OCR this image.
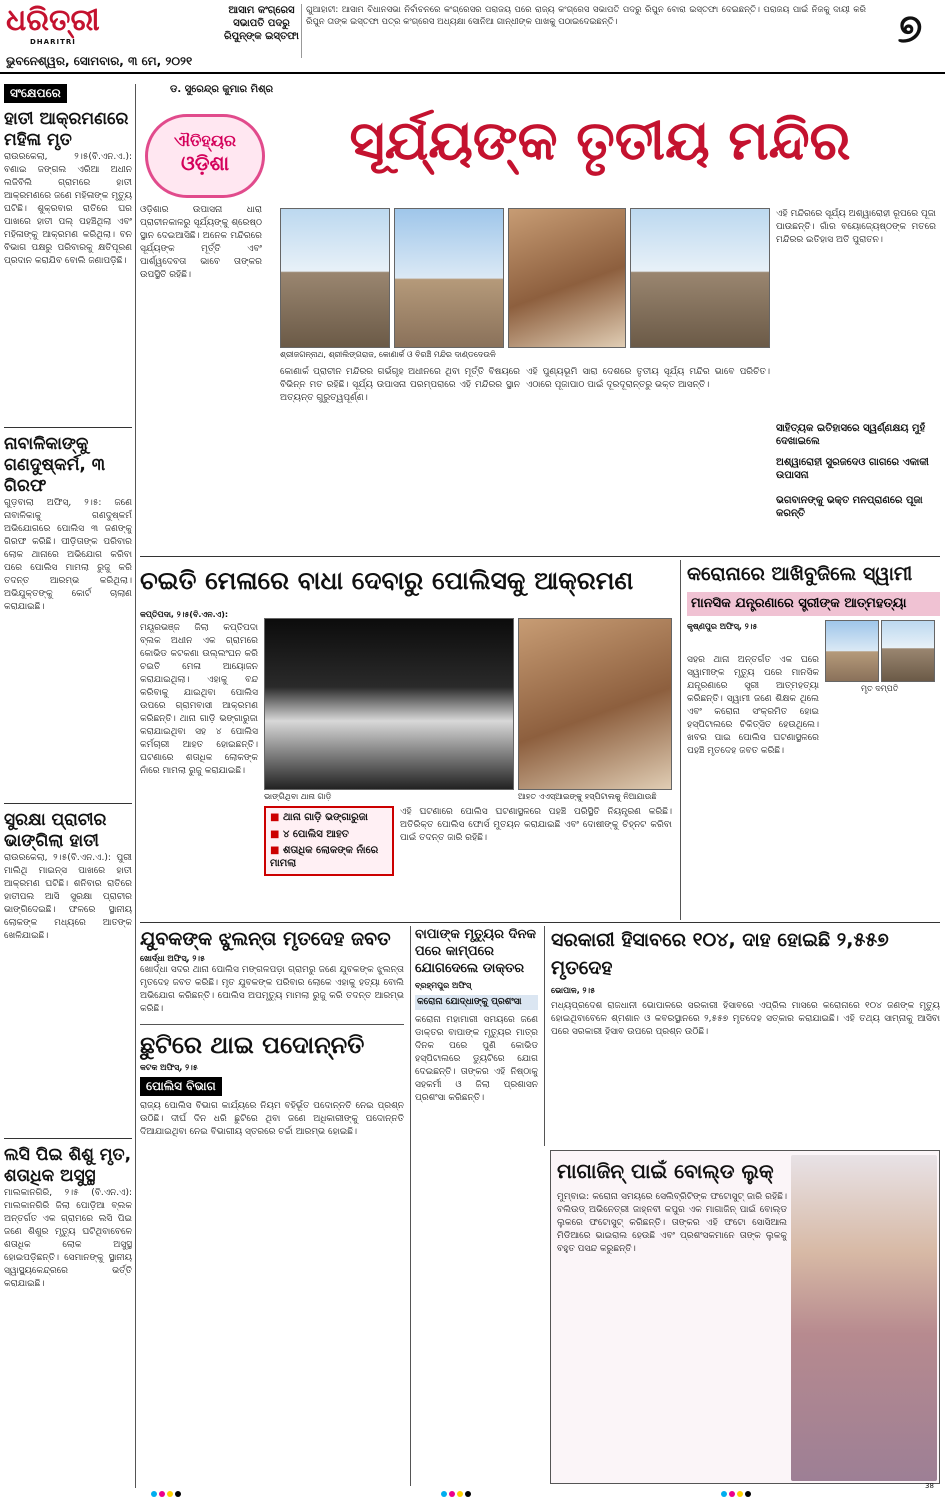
ଧରିତ୍ରୀ
DHARITRI
ଭୁବନେଶ୍ୱର, ସୋମବାର, ୩ ମେ, ୨୦୨୧
ଆସାମ କଂଗ୍ରେସ ସଭାପତି ପଦରୁ ରିପୁନ୍ଙ୍କ ଇସ୍ତଫା
ଗୁଆହାଟୀ: ଆସାମ ବିଧାନସଭା ନିର୍ବାଚନରେ କଂଗ୍ରେସର ପରାଜୟ ପରେ ରାଜ୍ୟ କଂଗ୍ରେସ ସଭାପତି ପଦରୁ ରିପୁନ ବୋରା ଇସ୍ତଫା ଦେଇଛନ୍ତି। ପରାଜୟ ପାଇଁ ନିଜକୁ ଦାୟୀ କରି ରିପୁନ ତାଙ୍କ ଇସ୍ତଫା ପତ୍ର କଂଗ୍ରେସ ଅଧ୍ୟକ୍ଷା ସୋନିଆ ଗାନ୍ଧୀଙ୍କ ପାଖକୁ ପଠାଇଦେଇଛନ୍ତି।	୭
ସଂକ୍ଷେପରେ
ହାତୀ ଆକ୍ରମଣରେ ମହିଳା ମୃତ
ରାଉରକେଲା, ୨।୫(ବି.ଏନ.ଏ.): ବଣାଇ ଜଙ୍ଗଲ ଏରିଆ ଅଧୀନ ଲଜିବିଲି ଗ୍ରାମରେ ହାତୀ ଆକ୍ରମଣରେ ଜଣେ ମହିଳାଙ୍କ ମୃତ୍ୟୁ ଘଟିଛି। ଶୁକ୍ରବାର ରାତିରେ ଘର ପାଖରେ ହାତୀ ପଲ୍ ପହଞ୍ଚିଥିଲା ଏବଂ ମହିଳାଙ୍କୁ ଆକ୍ରମଣ କରିଥିଲା। ବନ ବିଭାଗ ପକ୍ଷରୁ ପରିବାରକୁ କ୍ଷତିପୂରଣ ପ୍ରଦାନ କରାଯିବ ବୋଲି ଜଣାପଡ଼ିଛି।
ନାବାଳିକାଙ୍କୁ ଗଣଦୁଷ୍କର୍ମ, ୩ ଗିରଫ
ଗୁଡ଼ବାଲା ଅଫିସ୍, ୨।୫: ଜଣେ ନାବାଳିକାକୁ ଗଣଦୁଷ୍କର୍ମ ଅଭିଯୋଗରେ ପୋଲିସ ୩ ଜଣଙ୍କୁ ଗିରଫ କରିଛି। ପୀଡ଼ିତାଙ୍କ ପରିବାର ଲୋକ ଥାନାରେ ଅଭିଯୋଗ କରିବା ପରେ ପୋଲିସ ମାମଲା ରୁଜୁ କରି ତଦନ୍ତ ଆରମ୍ଭ କରିଥିଲା। ଅଭିଯୁକ୍ତଙ୍କୁ କୋର୍ଟ ଚାଲାଣ କରାଯାଇଛି।
ସୁରକ୍ଷା ପ୍ରାଚୀର ଭାଙ୍ଗିଲା ହାତୀ
ରାଉରକେଲା, ୨।୫(ବି.ଏନ.ଏ.): ପୁରୀ ମାଲିଥି ମାଇନ୍ସ ପାଖରେ ହାତୀ ଆକ୍ରମଣ ଘଟିଛି। ଶନିବାର ରାତିରେ ହାତୀପଲ ଆସି ସୁରକ୍ଷା ପ୍ରାଚୀର ଭାଙ୍ଗିଦେଇଛି। ଫଳରେ ସ୍ଥାନୀୟ ଲୋକଙ୍କ ମଧ୍ୟରେ ଆତଙ୍କ ଖେଳିଯାଇଛି।
ଲସି ପିଇ ଶିଶୁ ମୃତ, ଶତାଧିକ ଅସୁସ୍ଥ
ମାଲକାନଗିରି, ୨।୫ (ବି.ଏନ.ଏ): ମାଲକାନଗିରି ଜିଲା ପୋଡ଼ିଆ ବ୍ଲକ ଅନ୍ତର୍ଗତ ଏକ ଗ୍ରାମରେ ଲସି ପିଇ ଜଣେ ଶିଶୁର ମୃତ୍ୟୁ ଘଟିଥିବାବେଳେ ଶତାଧିକ ଲୋକ ଅସୁସ୍ଥ ହୋଇପଡ଼ିଛନ୍ତି। ସେମାନଙ୍କୁ ସ୍ଥାନୀୟ ସ୍ୱାସ୍ଥ୍ୟକେନ୍ଦ୍ରରେ ଭର୍ତ୍ତି କରାଯାଇଛି।
ଡ. ସୁରେନ୍ଦ୍ର କୁମାର ମିଶ୍ର
ଐତିହ୍ୟର
ଓଡ଼ିଶା
ଓଡ଼ିଶାର ଉପାସନା ଧାରା ପ୍ରାଚୀନକାଳରୁ ସୂର୍ଯ୍ୟଙ୍କୁ ଶ୍ରେଷ୍ଠ ସ୍ଥାନ ଦେଇଆସିଛି। ଅନେକ ମନ୍ଦିରରେ ସୂର୍ଯ୍ୟଙ୍କ ମୂର୍ତ୍ତି ଏବଂ ପାର୍ଶ୍ୱଦେବତା ଭାବେ ତାଙ୍କର ଉପସ୍ଥିତି ରହିଛି।
ସୂର୍ଯ୍ୟଙ୍କ ତୃତୀୟ ମନ୍ଦିର
ଶ୍ରୀଜଗନ୍ନାଥ, ଶ୍ରୀଲିଙ୍ଗରାଜ, କୋଣାର୍କ ଓ ବିରଞ୍ଚି ମନ୍ଦିର ଦାଣ୍ଡଦେଉଳି
କୋଣାର୍କ ପ୍ରାଚୀନ ମନ୍ଦିରର ଗର୍ଭଗୃହ ଅଧୀନରେ ଥିବା ମୂର୍ତ୍ତି ବିଷୟରେ ବିଭିନ୍ନ ମତ ରହିଛି। ସୂର୍ଯ୍ୟ ଉପାସନା ପରମ୍ପରାରେ ଏହି ମନ୍ଦିରର ସ୍ଥାନ ଅତ୍ୟନ୍ତ ଗୁରୁତ୍ୱପୂର୍ଣ୍ଣ।
ଏହି ପୁଣ୍ୟଭୂମି ସାରା ଦେଶରେ ତୃତୀୟ ସୂର୍ଯ୍ୟ ମନ୍ଦିର ଭାବେ ପରିଚିତ। ଏଠାରେ ପୂଜାପାଠ ପାଇଁ ଦୂରଦୂରାନ୍ତରୁ ଭକ୍ତ ଆସନ୍ତି।
ଏହି ମନ୍ଦିରରେ ସୂର୍ଯ୍ୟ ଅଶ୍ୱାରୋହୀ ରୂପରେ ପୂଜା ପାଉଛନ୍ତି। ଗାଁର ବୟୋଜ୍ୟେଷ୍ଠଙ୍କ ମତରେ ମନ୍ଦିରର ଇତିହାସ ଅତି ପୁରାତନ।
ସାହିତ୍ୟକ ଇତିହାସରେ ସ୍ୱର୍ଣ୍ଣକ୍ଷୟ ମୁହଁ ଦେଖାଇଲେ
ଅଶ୍ୱାରୋହୀ ସୁରଜଦେଓ ଗାଗରେ ଏକାକୀ ଉପାସନା
ଭଗବାନଙ୍କୁ ଭକ୍ତ ମନପ୍ରାଣରେ ପୂଜା କରନ୍ତି
ଚଇତି ମେଳାରେ ବାଧା ଦେବାରୁ ପୋଲିସକୁ ଆକ୍ରମଣ
କପ୍ତିପଦା, ୨।୫(ବି.ଏନ.ଏ):
ମୟୂରଭଞ୍ଜ ଜିଲା କପ୍ତିପଦା ବ୍ଲକ ଅଧୀନ ଏକ ଗ୍ରାମରେ କୋଭିଡ କଟକଣା ଉଲ୍ଲଂଘନ କରି ଚଇତି ମେଳା ଆୟୋଜନ କରାଯାଇଥିଲା। ଏହାକୁ ବନ୍ଦ କରିବାକୁ ଯାଇଥିବା ପୋଲିସ ଉପରେ ଗ୍ରାମବାସୀ ଆକ୍ରମଣ କରିଛନ୍ତି। ଥାନା ଗାଡ଼ି ଭଙ୍ଗାରୁଜା କରାଯାଇଥିବା ସହ ୪ ପୋଲିସ କର୍ମଚାରୀ ଆହତ ହୋଇଛନ୍ତି। ଘଟଣାରେ ଶତାଧିକ ଲୋକଙ୍କ ନାଁରେ ମାମଲା ରୁଜୁ କରାଯାଇଛି।
ଭାଙ୍ଗିଥିବା ଥାନା ଗାଡ଼ି	ଆହତ ଏଏସ୍ଆଇଙ୍କୁ ହସ୍ପିଟାଲକୁ ନିଆଯାଉଛି
■ ଥାନା ଗାଡ଼ି ଭଙ୍ଗାରୁଜା
■ ୪ ପୋଲିସ ଆହତ
■ ଶତାଧିକ ଲୋକଙ୍କ ନାଁରେ ମାମଲା
ଏହି ଘଟଣାରେ ପୋଲିସ ଘଟଣାସ୍ଥଳରେ ପହଞ୍ଚି ପରିସ୍ଥିତି ନିୟନ୍ତ୍ରଣ କରିଛି। ଅତିରିକ୍ତ ପୋଲିସ ଫୋର୍ସ ମୁତୟନ କରାଯାଇଛି ଏବଂ ଦୋଷୀଙ୍କୁ ଚିହ୍ନଟ କରିବା ପାଇଁ ତଦନ୍ତ ଜାରି ରହିଛି।
କରୋନାରେ ଆଖିବୁଜିଲେ ସ୍ୱାମୀ
ମାନସିକ ଯନ୍ତ୍ରଣାରେ ସ୍ତ୍ରୀଙ୍କ ଆତ୍ମହତ୍ୟା
କୃଷ୍ଣପୁର ଅଫିସ୍, ୨।୫
ସହର ଥାନା ଅନ୍ତର୍ଗତ ଏକ ଘରେ ସ୍ୱାମୀଙ୍କ ମୃତ୍ୟୁ ପରେ ମାନସିକ ଯନ୍ତ୍ରଣାରେ ସ୍ତ୍ରୀ ଆତ୍ମହତ୍ୟା କରିଛନ୍ତି। ସ୍ୱାମୀ ଜଣେ ଶିକ୍ଷକ ଥିଲେ ଏବଂ କରୋନା ସଂକ୍ରମିତ ହୋଇ ହସ୍ପିଟାଲରେ ଚିକିତ୍ସିତ ହେଉଥିଲେ। ଖବର ପାଇ ପୋଲିସ ଘଟଣାସ୍ଥଳରେ ପହଞ୍ଚି ମୃତଦେହ ଜବତ କରିଛି।
ମୃତ ଦମ୍ପତି
ଯୁବକଙ୍କ ଝୁଲନ୍ତା ମୃତଦେହ ଜବତ
ଖୋର୍ଦ୍ଧା ଅଫିସ୍, ୨।୫
ଖୋର୍ଦ୍ଧା ସଦର ଥାନା ପୋଲିସ ମଙ୍ଗଳପଡ଼ା ଗ୍ରାମରୁ ଜଣେ ଯୁବକଙ୍କ ଝୁଲନ୍ତା ମୃତଦେହ ଜବତ କରିଛି। ମୃତ ଯୁବକଙ୍କ ପରିବାର ଲୋକେ ଏହାକୁ ହତ୍ୟା ବୋଲି ଅଭିଯୋଗ କରିଛନ୍ତି। ପୋଲିସ ଅପମୃତ୍ୟୁ ମାମଲା ରୁଜୁ କରି ତଦନ୍ତ ଆରମ୍ଭ କରିଛି।
ବାପାଙ୍କ ମୃତ୍ୟୁର ଦିନକ ପରେ କାମ୍ପରେ ଯୋଗଦେଲେ ଡାକ୍ତର
ବ୍ରହ୍ମପୁର ଅଫିସ୍
କରୋନା ଯୋଦ୍ଧାଙ୍କୁ ପ୍ରଶଂସା
କରୋନା ମହାମାରୀ ସମୟରେ ଜଣେ ଡାକ୍ତର ବାପାଙ୍କ ମୃତ୍ୟୁର ମାତ୍ର ଦିନକ ପରେ ପୁଣି କୋଭିଡ ହସ୍ପିଟାଲରେ ଡ୍ୟୁଟିରେ ଯୋଗ ଦେଇଛନ୍ତି। ତାଙ୍କର ଏହି ନିଷ୍ଠାକୁ ସହକର୍ମୀ ଓ ଜିଲା ପ୍ରଶାସନ ପ୍ରଶଂସା କରିଛନ୍ତି।
ଛୁଟିରେ ଥାଇ ପଦୋନ୍ନତି
କଟକ ଅଫିସ୍, ୨।୫
ପୋଲିସ ବିଭାଗ
ରାଜ୍ୟ ପୋଲିସ ବିଭାଗ କାର୍ଯ୍ୟରେ ନିୟମ ବହିର୍ଭୂତ ପଦୋନ୍ନତି ନେଇ ପ୍ରଶ୍ନ ଉଠିଛି। ଦୀର୍ଘ ଦିନ ଧରି ଛୁଟିରେ ଥିବା ଜଣେ ଅଧିକାରୀଙ୍କୁ ପଦୋନ୍ନତି ଦିଆଯାଇଥିବା ନେଇ ବିଭାଗୀୟ ସ୍ତରରେ ଚର୍ଚ୍ଚା ଆରମ୍ଭ ହୋଇଛି।
ସରକାରୀ ହିସାବରେ ୧୦୪, ଦାହ ହୋଇଛି ୨,୫୫୭ ମୃତଦେହ
ଭୋପାଳ, ୨।୫
ମଧ୍ୟପ୍ରଦେଶ ରାଜଧାନୀ ଭୋପାଳରେ ସରକାରୀ ହିସାବରେ ଏପ୍ରିଲ ମାସରେ କରୋନାରେ ୧୦୪ ଜଣଙ୍କ ମୃତ୍ୟୁ ହୋଇଥିବାବେଳେ ଶ୍ମଶାନ ଓ କବରସ୍ଥାନରେ ୨,୫୫୭ ମୃତଦେହ ସତ୍କାର କରାଯାଇଛି। ଏହି ତଥ୍ୟ ସାମ୍ନାକୁ ଆସିବା ପରେ ସରକାରୀ ହିସାବ ଉପରେ ପ୍ରଶ୍ନ ଉଠିଛି।
ମାଗାଜିନ୍ ପାଇଁ ବୋଲ୍ଡ ଲୁକ୍
ମୁମ୍ବାଇ: କରୋନା ସମୟରେ ସେଲିବ୍ରିଟିଙ୍କ ଫଟୋସୁଟ୍ ଜାରି ରହିଛି। ବଲିଉଡ୍ ଅଭିନେତ୍ରୀ ଜାହ୍ନବୀ କପୁର ଏକ ମାଗାଜିନ୍ ପାଇଁ ବୋଲ୍ଡ ଲୁକରେ ଫଟୋସୁଟ୍ କରିଛନ୍ତି। ତାଙ୍କର ଏହି ଫଟୋ ସୋସିଆଲ ମିଡିଆରେ ଭାଇରାଲ ହେଉଛି ଏବଂ ପ୍ରଶଂସକମାନେ ତାଙ୍କ ଲୁକକୁ ବହୁତ ପସନ୍ଦ କରୁଛନ୍ତି।
38
